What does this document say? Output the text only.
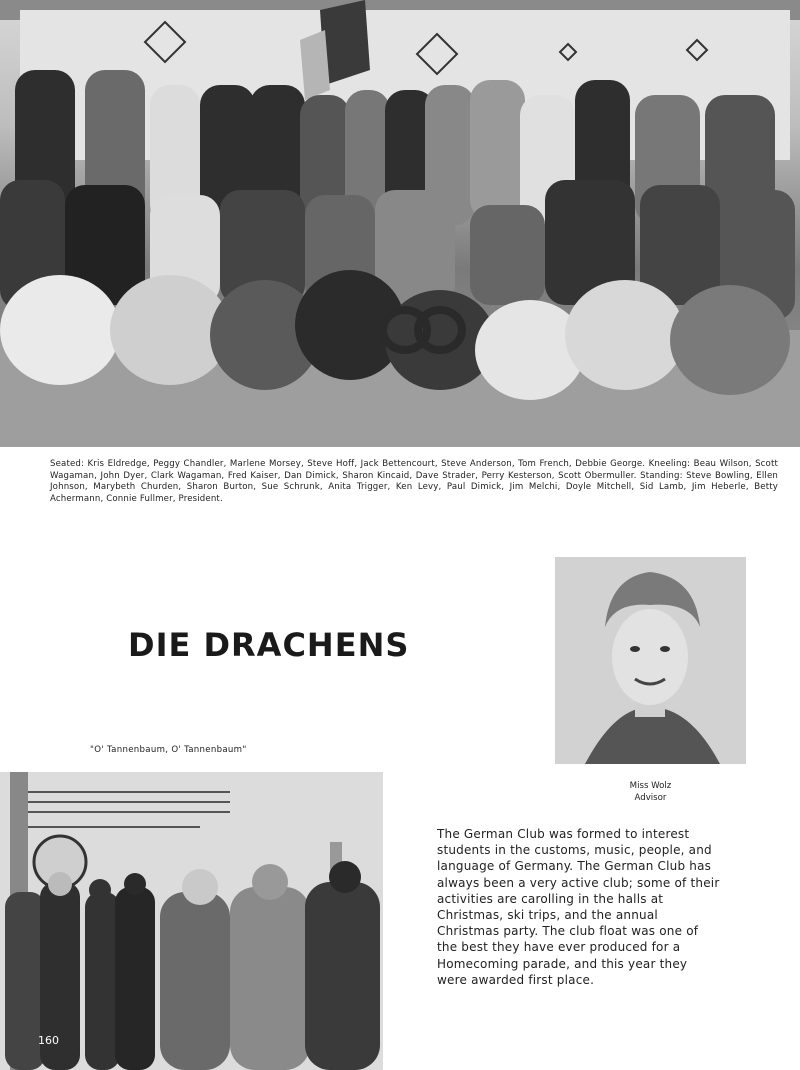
Seated: Kris Eldredge, Peggy Chandler, Marlene Morsey, Steve Hoff, Jack Bettencourt, Steve Anderson, Tom French, Debbie George. Kneeling: Beau Wilson, Scott Wagaman, John Dyer, Clark Wagaman, Fred Kaiser, Dan Dimick, Sharon Kincaid, Dave Strader, Perry Kesterson, Scott Obermuller. Standing: Steve Bowling, Ellen Johnson, Marybeth Churden, Sharon Burton, Sue Schrunk, Anita Trigger, Ken Levy, Paul Dimick, Jim Melchi, Doyle Mitchell, Sid Lamb, Jim Heberle, Betty Achermann, Connie Fullmer, President.
DIE DRACHENS
"O' Tannenbaum, O' Tannenbaum"
Miss Wolz
Advisor
The German Club was formed to interest students in the customs, music, people, and language of Germany. The German Club has always been a very active club; some of their activities are carolling in the halls at Christmas, ski trips, and the annual Christmas party. The club float was one of the best they have ever produced for a Homecoming parade, and this year they were awarded first place.
160
